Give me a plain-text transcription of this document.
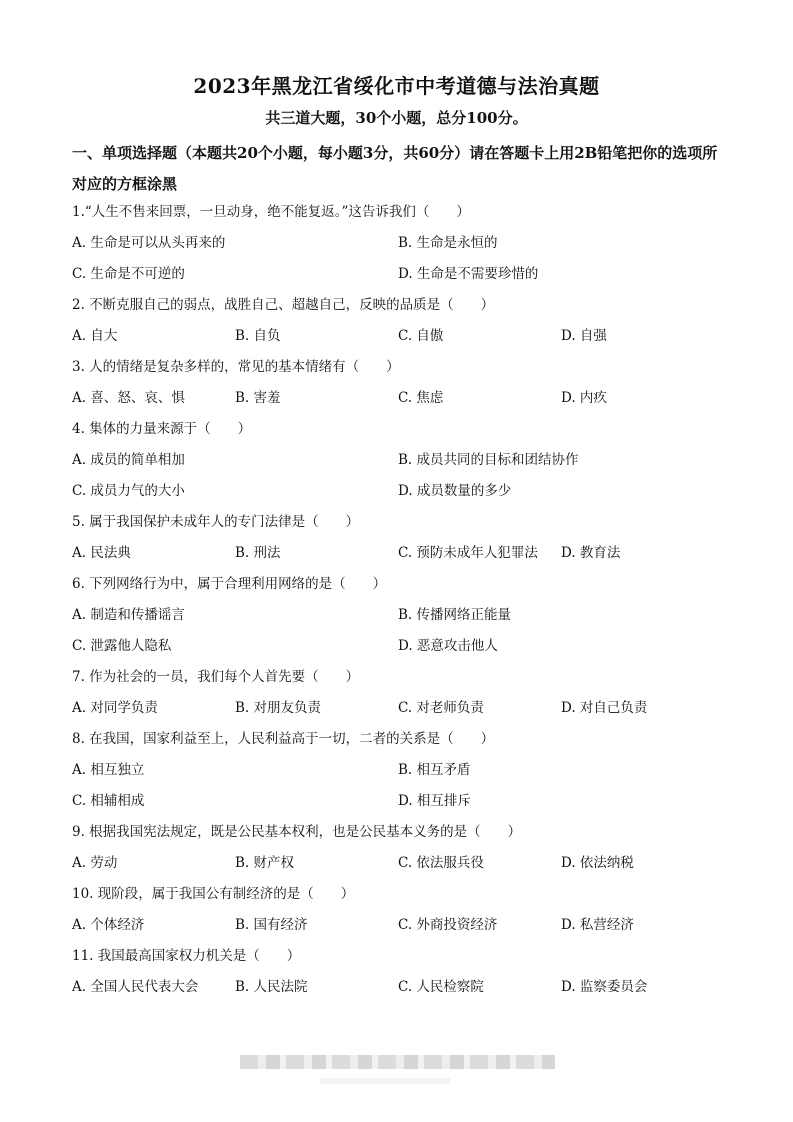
2023年黑龙江省绥化市中考道德与法治真题
共三道大题，30个小题，总分100分。
一、单项选择题（本题共20个小题，每小题3分，共60分）请在答题卡上用2B铅笔把你的选项所对应的方框涂黑
1.“人生不售来回票，一旦动身，绝不能复返。”这告诉我们（　　）
A. 生命是可以从头再来的	B. 生命是永恒的
C. 生命是不可逆的	D. 生命是不需要珍惜的
2. 不断克服自己的弱点，战胜自己、超越自己，反映的品质是（　　）
A. 自大	B. 自负	C. 自傲	D. 自强
3. 人的情绪是复杂多样的，常见的基本情绪有（　　）
A. 喜、怒、哀、惧	B. 害羞	C. 焦虑	D. 内疚
4. 集体的力量来源于（　　）
A. 成员的简单相加	B. 成员共同的目标和团结协作
C. 成员力气的大小	D. 成员数量的多少
5. 属于我国保护未成年人的专门法律是（　　）
A. 民法典	B. 刑法	C. 预防未成年人犯罪法	D. 教育法
6. 下列网络行为中，属于合理利用网络的是（　　）
A. 制造和传播谣言	B. 传播网络正能量
C. 泄露他人隐私	D. 恶意攻击他人
7. 作为社会的一员，我们每个人首先要（　　）
A. 对同学负责	B. 对朋友负责	C. 对老师负责	D. 对自己负责
8. 在我国，国家利益至上，人民利益高于一切，二者的关系是（　　）
A. 相互独立	B. 相互矛盾
C. 相辅相成	D. 相互排斥
9. 根据我国宪法规定，既是公民基本权利，也是公民基本义务的是（　　）
A. 劳动	B. 财产权	C. 依法服兵役	D. 依法纳税
10. 现阶段，属于我国公有制经济的是（　　）
A. 个体经济	B. 国有经济	C. 外商投资经济	D. 私营经济
11. 我国最高国家权力机关是（　　）
A. 全国人民代表大会	B. 人民法院	C. 人民检察院	D. 监察委员会
